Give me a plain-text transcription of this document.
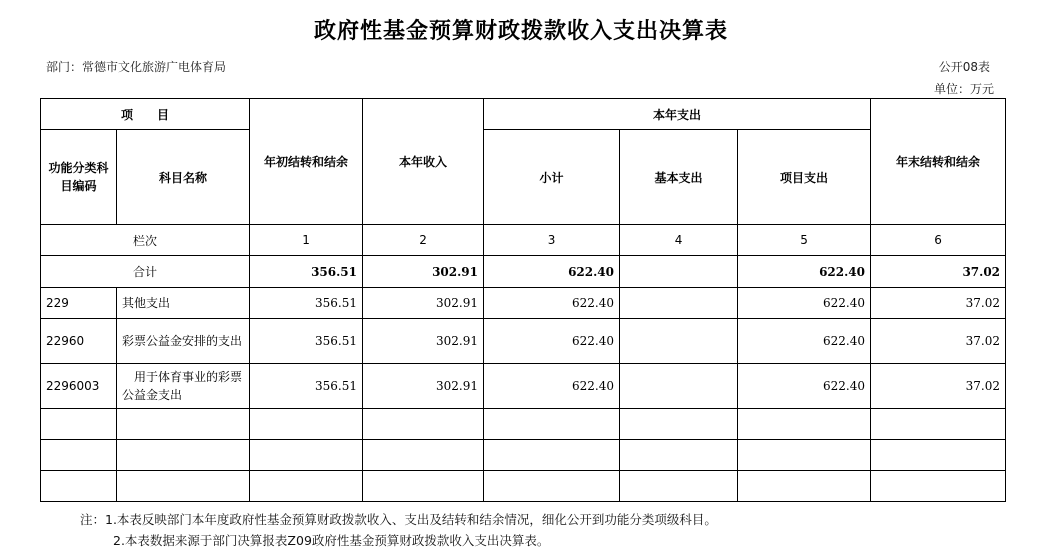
政府性基金预算财政拨款收入支出决算表
部门：常德市文化旅游广电体育局	公开08表
单位：万元
项　　目		年初结转和结余	本年收入	本年支出			年末结转和结余
功能分类科目编码	科目名称			小计	基本支出	项目支出	
栏次		1	2	3	4	5	6
合计		356.51	302.91	622.40		622.40	37.02
229	其他支出	356.51	302.91	622.40		622.40	37.02
22960	彩票公益金安排的支出	356.51	302.91	622.40		622.40	37.02
2296003	　用于体育事业的彩票公益金支出	356.51	302.91	622.40		622.40	37.02

注：1.本表反映部门本年度政府性基金预算财政拨款收入、支出及结转和结余情况，细化公开到功能分类项级科目。
2.本表数据来源于部门决算报表Z09政府性基金预算财政拨款收入支出决算表。
